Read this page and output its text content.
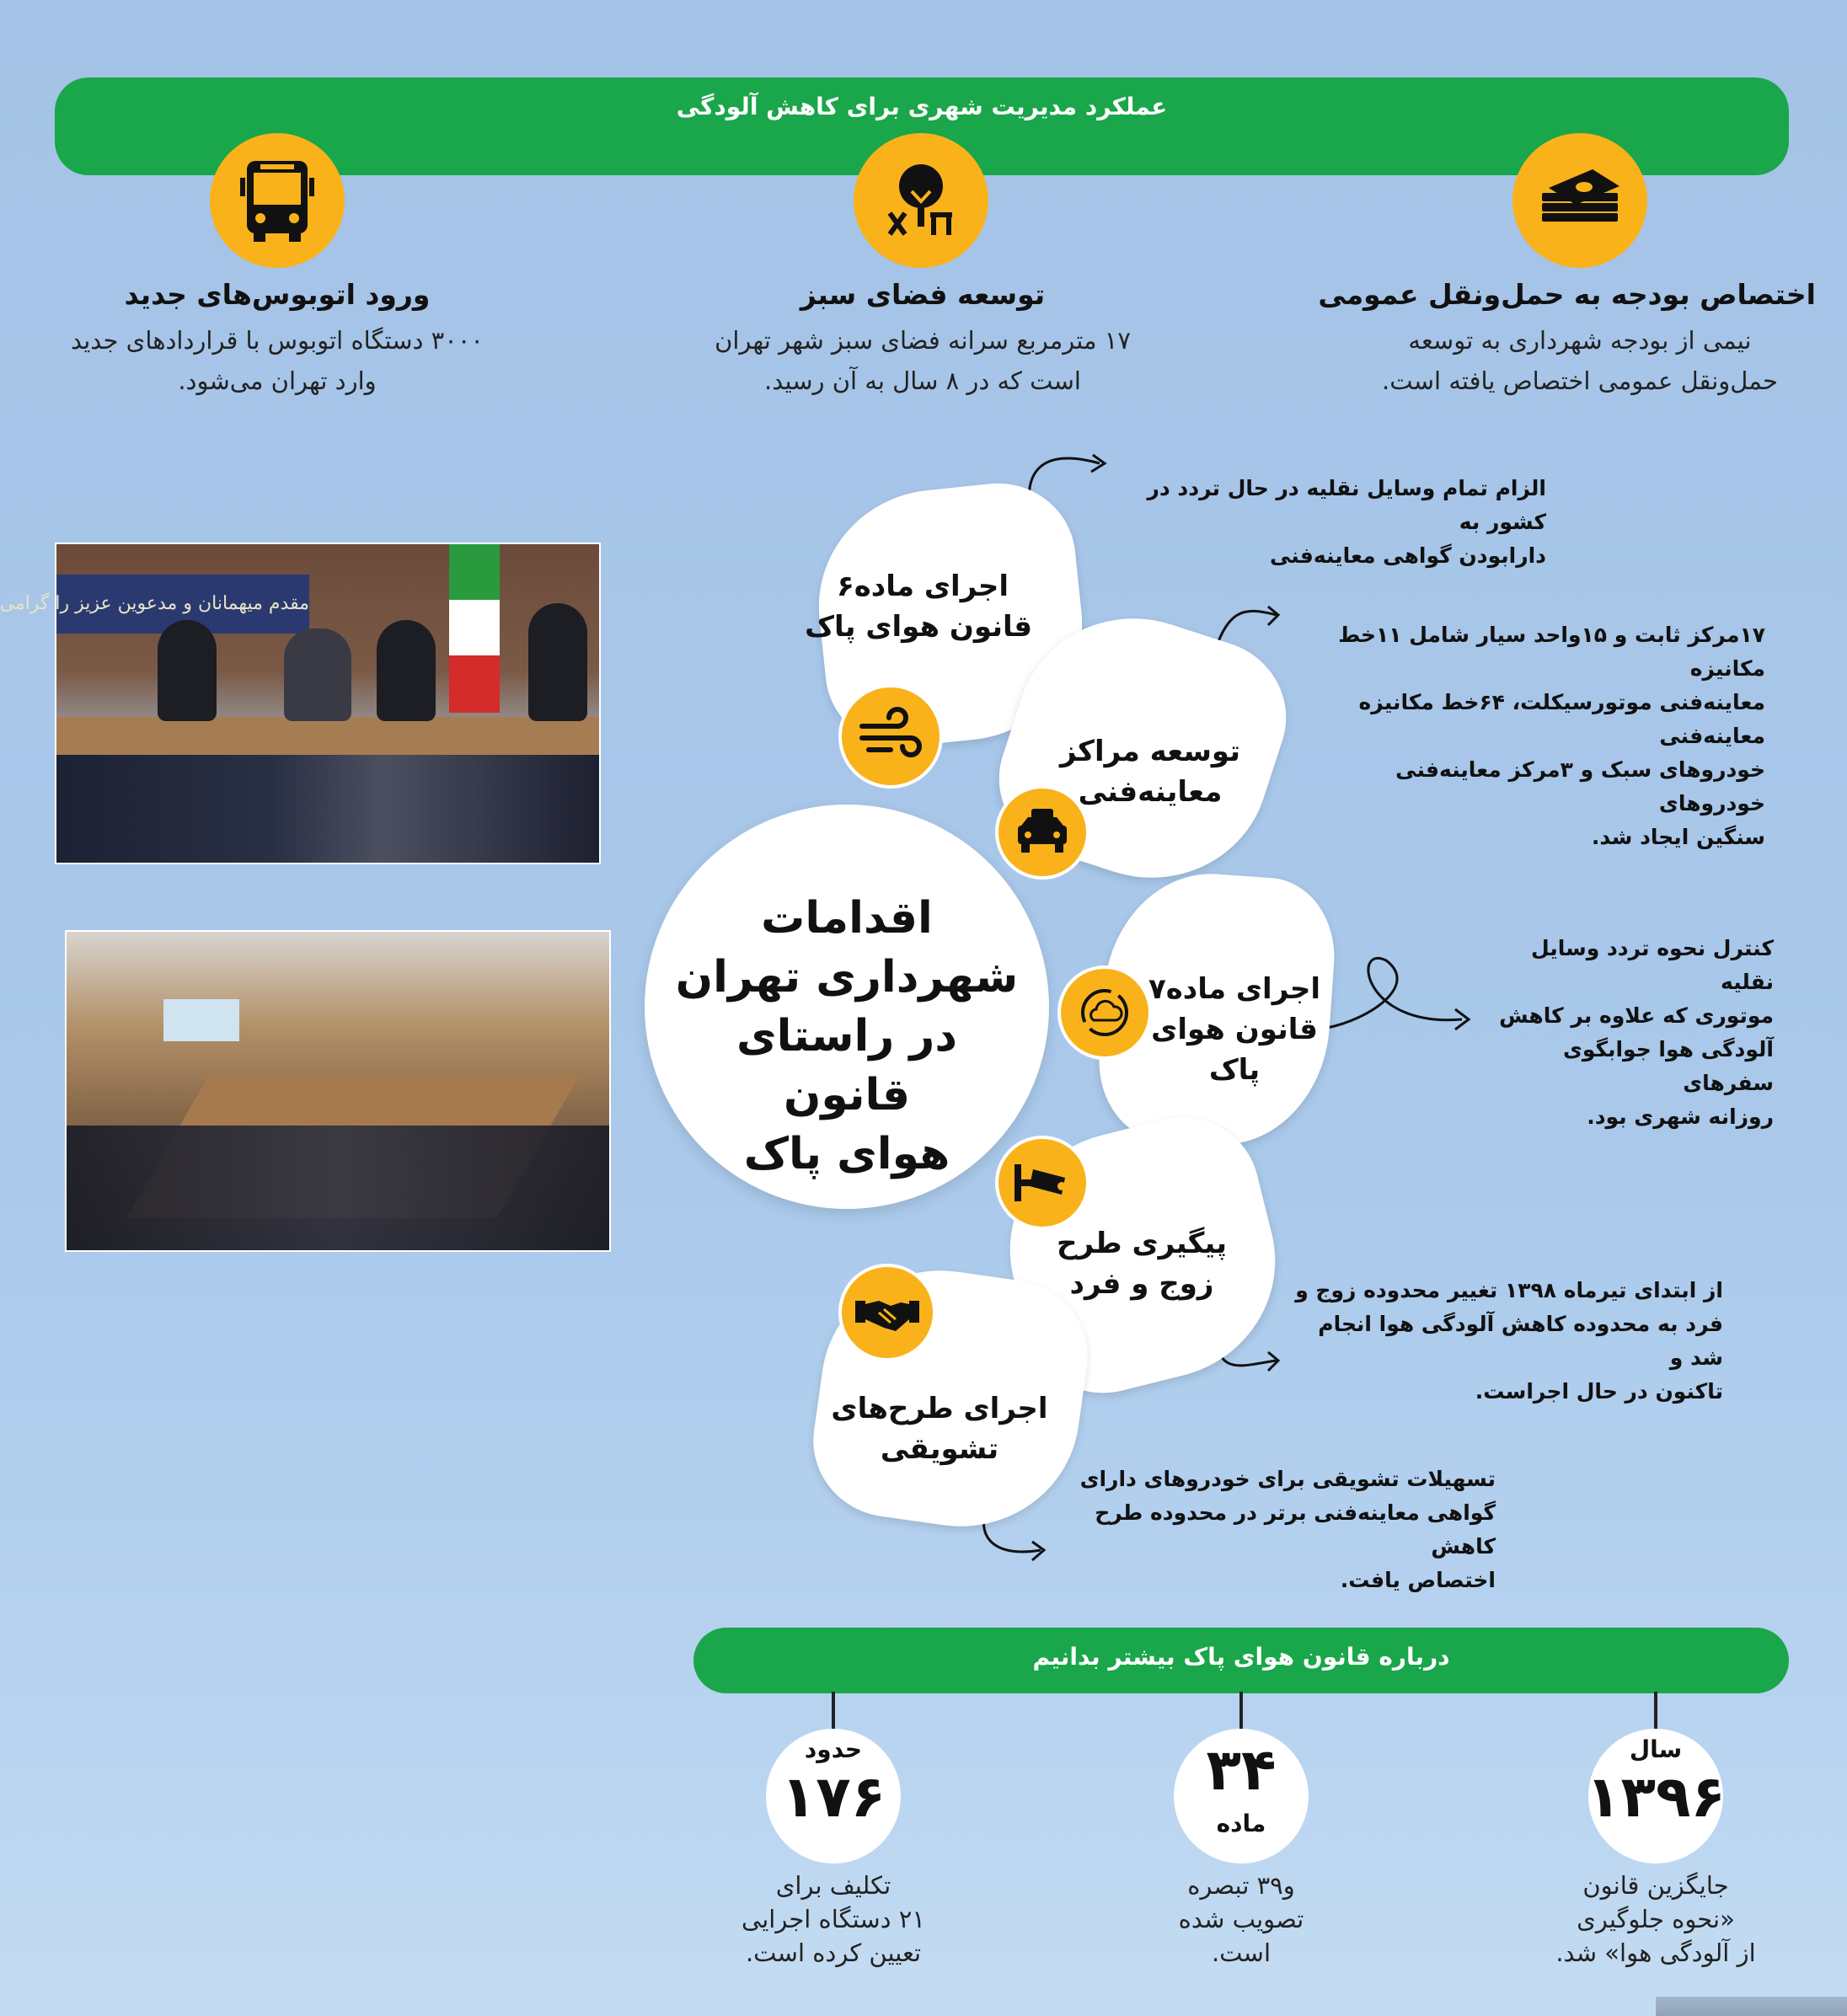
عملکرد مدیریت شهری برای کاهش آلودگی
اختصاص بودجه به حمل‌ونقل عمومی
نیمی از بودجه شهرداری به توسعه
حمل‌ونقل عمومی اختصاص یافته است.
توسعه فضای سبز
۱۷ مترمربع سرانه فضای سبز شهر تهران
است که در ۸ سال به آن رسید.
ورود اتوبوس‌های جدید
۳۰۰۰ دستگاه اتوبوس با قراردادهای جدید
وارد تهران می‌شود.
مقدم میهمانان و مدعوین عزیز را گرامی
اقدامات
شهرداری تهران
در راستای قانون
هوای پاک
اجرای ماده۶
قانون هوای پاک
توسعه مراکز
معاینه‌فنی
اجرای ماده۷
قانون هوای
پاک
پیگیری طرح
زوج و فرد
اجرای طرح‌های
تشویقی
الزام تمام وسایل نقلیه در حال تردد در کشور به
دارابودن گواهی معاینه‌فنی
۱۷مرکز ثابت و ۱۵واحد سیار شامل ۱۱خط مکانیزه
معاینه‌فنی موتورسیکلت، ۶۴خط مکانیزه معاینه‌فنی
خودروهای سبک و ۳مرکز معاینه‌فنی خودروهای
سنگین ایجاد شد.
کنترل نحوه تردد وسایل نقلیه
موتوری که علاوه بر کاهش
آلودگی هوا جوابگوی سفرهای
روزانه شهری بود.
از ابتدای تیرماه ۱۳۹۸ تغییر محدوده زوج و
فرد به محدوده کاهش آلودگی هوا انجام شد و
تاکنون در حال اجراست.
تسهیلات تشویقی برای خودروهای دارای
گواهی معاینه‌فنی برتر در محدوده طرح کاهش
اختصاص یافت.
درباره قانون هوای پاک بیشتر بدانیم
سال
۱۳۹۶
جایگزین قانون
«نحوه جلوگیری
از آلودگی هوا» شد.
۳۴
ماده
و۳۹ تبصره
تصویب شده
است.
حدود
۱۷۶
تکلیف برای
۲۱ دستگاه اجرایی
تعیین کرده است.
